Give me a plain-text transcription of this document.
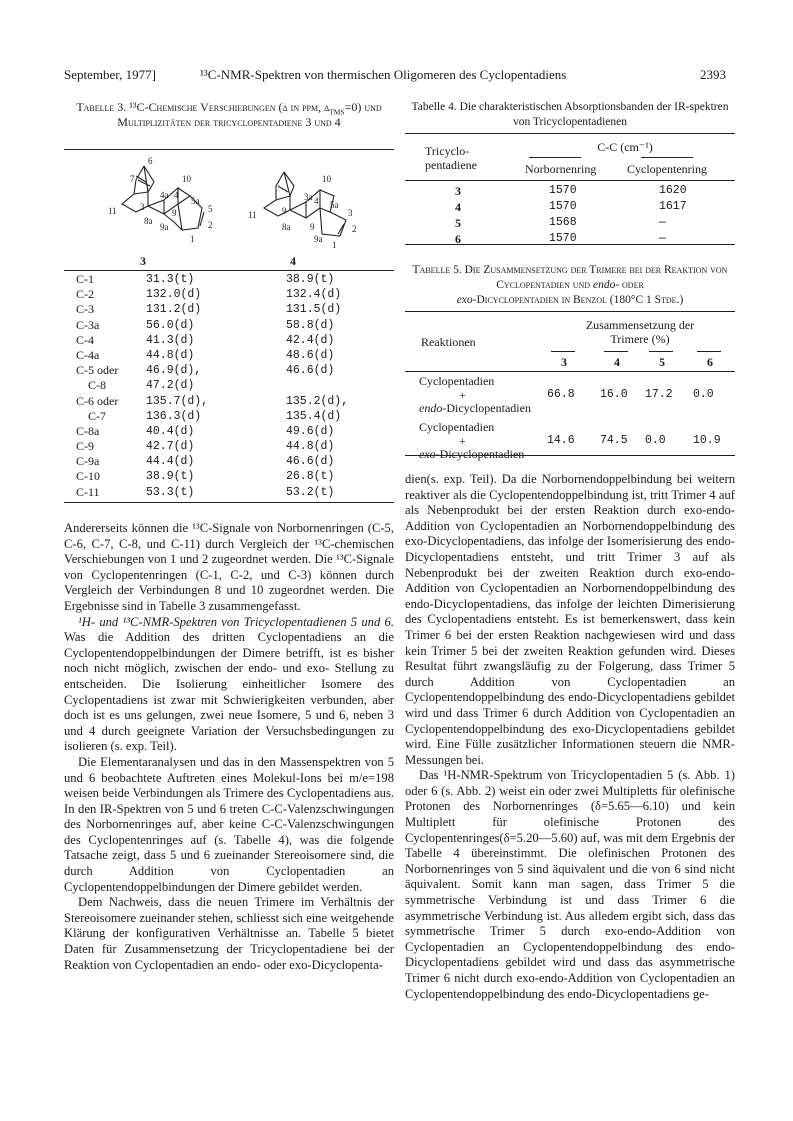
September, 1977]	¹³C-NMR-Spektren von thermischen Oligomeren des Cyclopentadiens	2393
Tabelle 3. ¹³C-Chemische Verschiebungen (δ in ppm, $\delta_{TMS}=0$) und Multiplizitäten der tricyclopentadiene 3 und 4
6
7
4a
10
4
5a
5
11	3
8a
9
9a	2
1
10
3a 4 5a
3
11	9
8a 9
9a
2
1
3	4
C-1	31.3(t)	38.9(t)
C-2	132.0(d)	132.4(d)
C-3	131.2(d)	131.5(d)
C-3a	56.0(d)	58.8(d)
C-4	41.3(d)	42.4(d)
C-4a	44.8(d)	48.6(d)
C-5 oder 46.9(d),	46.6(d)
C-8	47.2(d)
C-6 oder 135.7(d),	135.2(d),
C-7	136.3(d)	135.4(d)
C-8a	40.4(d)	49.6(d)
C-9	42.7(d)	44.8(d)
C-9a	44.4(d)	46.6(d)
C-10	38.9(t)	26.8(t)
C-11	53.3(t)	53.2(t)
Tabelle 4. Die charakteristischen Absorptionsbanden der IR-spektren von Tricyclopentadienen
Tricyclo-
pentadiene
C-C (cm⁻¹)
Norbornenring	Cyclopentenring
3	1570	1620
4	1570	1617
5	1568	—
6	1570	—
Tabelle 5. Die Zusammensetzung der Trimere bei der Reaktion von Cyclopentadien und endo- oder
exo-Dicyclopentadien in Benzol (180°C 1 Stde.)
Reaktionen
Zusammensetzung der
Trimere (%)
3	4	5	6
Cyclopentadien
+
endo-Dicyclopentadien
66.8 16.0 17.2 0.0
Cyclopentadien
+
exo-Dicyclopentadien
14.6 74.5 0.0 10.9

Andererseits können die ¹³C-Signale von Norbornenringen (C-5, C-6, C-7, C-8, und C-11) durch Vergleich der ¹³C-chemischen Verschiebungen von 1 und 2 zugeordnet werden. Die ¹³C-Signale von Cyclopentenringen (C-1, C-2, und C-3) können durch Vergleich der Verbindungen 8 und 10 zugeordnet werden. Die Ergebnisse sind in Tabelle 3 zusammengefasst.

¹H- und ¹³C-NMR-Spektren von Tricyclopentadienen 5 und 6. Was die Addition des dritten Cyclopentadiens an die Cyclopentendoppelbindungen der Dimere betrifft, ist es bisher noch nicht möglich, zwischen der endo- und exo- Stellung zu entscheiden. Die Isolierung einheitlicher Isomere des Cyclopentadiens ist zwar mit Schwierigkeiten verbunden, aber doch ist es uns gelungen, zwei neue Isomere, 5 und 6, neben 3 und 4 durch geeignete Variation der Versuchsbedingungen zu isolieren (s. exp. Teil).

Die Elementaranalysen und das in den Massenspektren von 5 und 6 beobachtete Auftreten eines Molekul-Ions bei m/e=198 weisen beide Verbindungen als Trimere des Cyclopentadiens aus. In den IR-Spektren von 5 und 6 treten C-C-Valenzschwingungen des Norbornenringes auf, aber keine C-C-Valenzschwingungen des Cyclopentenringes auf (s. Tabelle 4), was die folgende Tatsache zeigt, dass 5 und 6 zueinander Stereoisomere sind, die durch Addition von Cyclopentadien an Cyclopentendoppelbindungen der Dimere gebildet werden.

Dem Nachweis, dass die neuen Trimere im Verhältnis der Stereoisomere zueinander stehen, schliesst sich eine weitgehende Klärung der konfigurativen Verhältnisse an. Tabelle 5 bietet Daten für Zusammensetzung der Tricyclopentadiene bei der Reaktion von Cyclopentadien an endo- oder exo-Dicyclopenta-

dien(s. exp. Teil). Da die Norbornendoppelbindung bei weitern reaktiver als die Cyclopentendoppelbindung ist, tritt Trimer 4 auf als Nebenprodukt bei der ersten Reaktion durch exo-endo-Addition von Cyclopentadien an Norbornendoppelbindung des exo-Dicyclopentadiens, das infolge der Isomerisierung des endo-Dicyclopentadiens entsteht, und tritt Trimer 3 auf als Nebenprodukt bei der zweiten Reaktion durch exo-endo-Addition von Cyclopentadien an Norbornendoppelbindung des endo-Dicyclopentadiens, das infolge der leichten Dimerisierung des Cyclopentadiens entsteht. Es ist bemerkenswert, dass kein Trimer 6 bei der ersten Reaktion nachgewiesen wird und dass kein Trimer 5 bei der zweiten Reaktion gefunden wird. Dieses Resultat führt zwangsläufig zu der Folgerung, dass Trimer 5 durch Addition von Cyclopentadien an Cyclopentendoppelbindung des endo-Dicyclopentadiens gebildet wird und dass Trimer 6 durch Addition von Cyclopentadien an Cyclopentendoppelbindung des exo-Dicyclopentadiens gebildet wird. Eine Fülle zusätzlicher Informationen steuern die NMR-Messungen bei.

Das ¹H-NMR-Spektrum von Tricyclopentadien 5 (s. Abb. 1) oder 6 (s. Abb. 2) weist ein oder zwei Multipletts für olefinische Protonen des Norbornenringes (δ=5.65—6.10) und kein Multiplett für olefinische Protonen des Cyclopentenringes(δ=5.20—5.60) auf, was mit dem Ergebnis der Tabelle 4 übereinstimmt. Die olefinischen Protonen des Norbornenringes von 5 sind äquivalent und die von 6 sind nicht äquivalent. Somit kann man sagen, dass Trimer 5 die symmetrische Verbindung ist und dass Trimer 6 die asymmetrische Verbindung ist. Aus alledem ergibt sich, dass das symmetrische Trimer 5 durch exo-endo-Addition von Cyclopentadien an Cyclopentendoppelbindung des endo-Dicyclopentadiens gebildet wird und dass das asymmetrische Trimer 6 nicht durch exo-endo-Addition von Cyclopentadien an Cyclopentendoppelbindung des endo-Dicyclopentadiens ge-
